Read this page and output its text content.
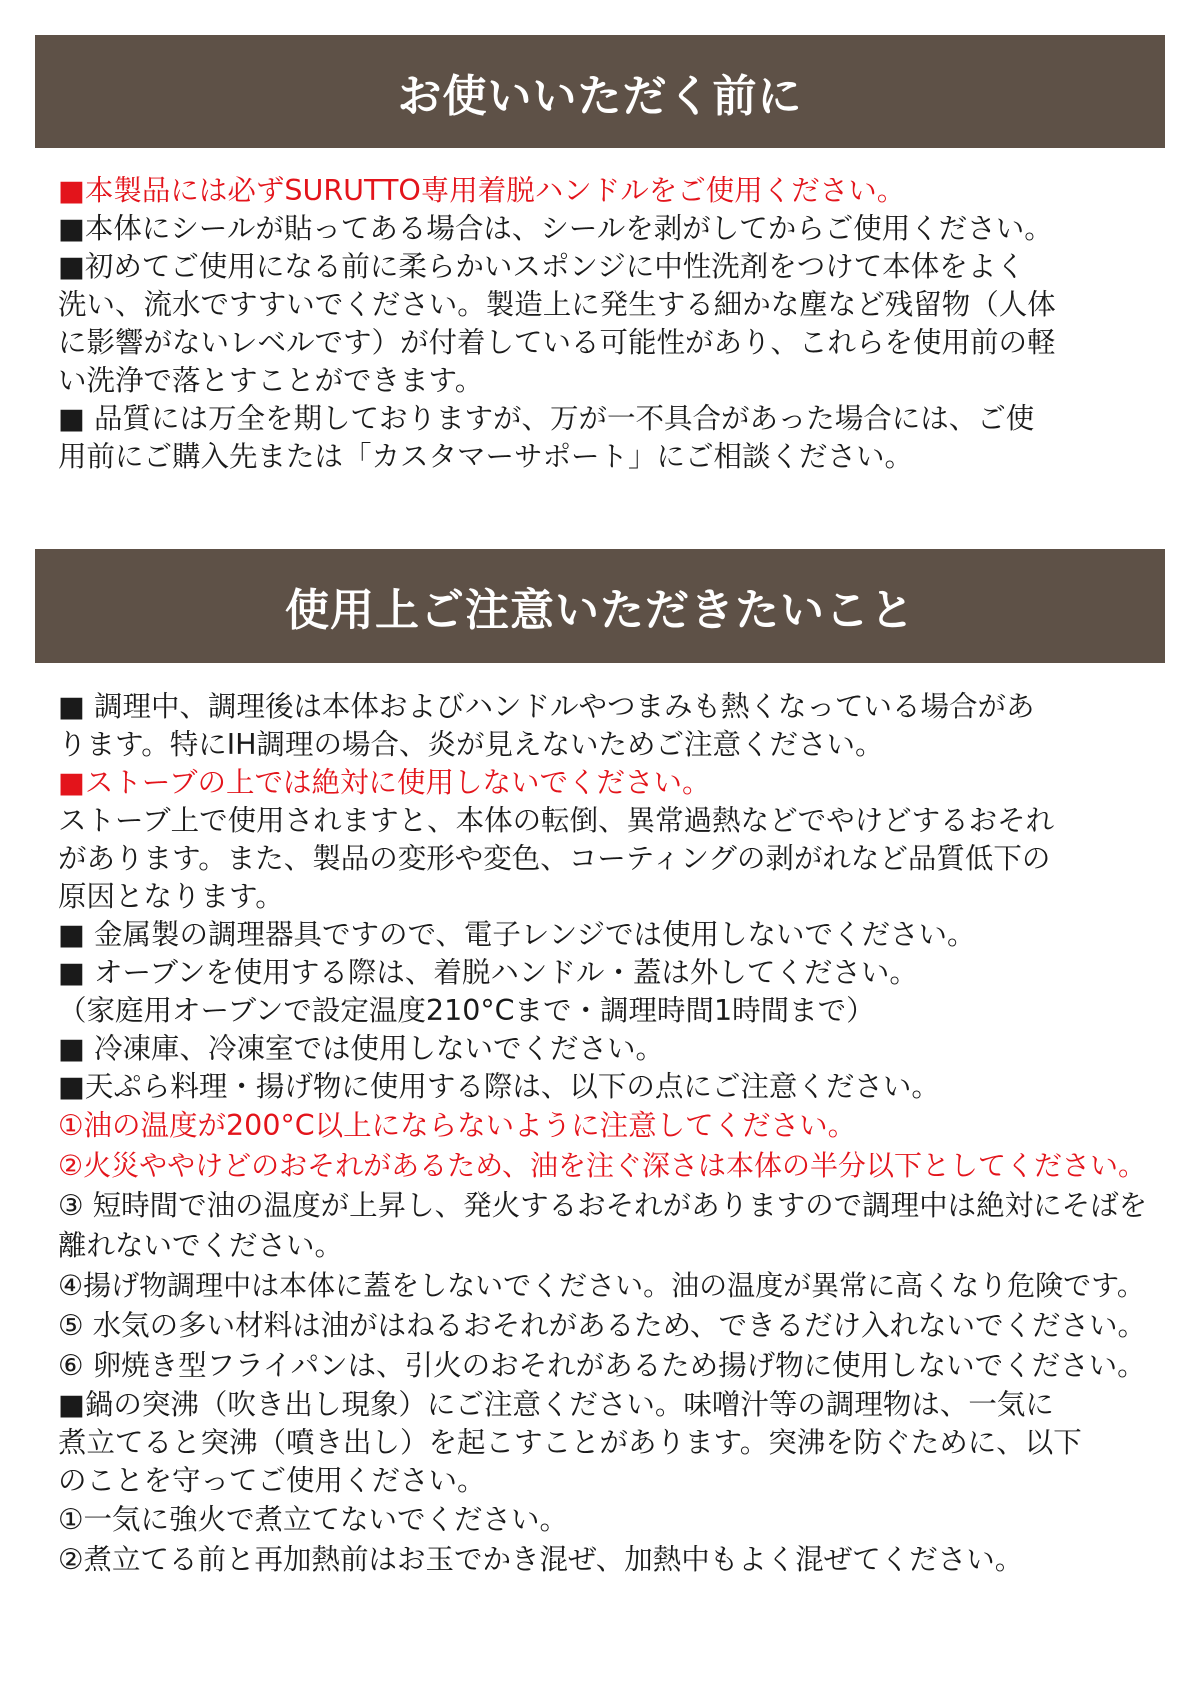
お使いいただく前に

■本製品には必ずSURUTTO専用着脱ハンドルをご使用ください。

■本体にシールが貼ってある場合は、シールを剥がしてからご使用ください。

■初めてご使用になる前に柔らかいスポンジに中性洗剤をつけて本体をよく

洗い、流水ですすいでください。製造上に発生する細かな塵など残留物（人体

に影響がないレベルです）が付着している可能性があり、これらを使用前の軽

い洗浄で落とすことができます。

■ 品質には万全を期しておりますが、万が一不具合があった場合には、ご使

用前にご購入先または「カスタマーサポート」にご相談ください。

使用上ご注意いただきたいこと

■ 調理中、調理後は本体およびハンドルやつまみも熱くなっている場合があ

ります。特にIH調理の場合、炎が見えないためご注意ください。

■ストーブの上では絶対に使用しないでください。

ストーブ上で使用されますと、本体の転倒、異常過熱などでやけどするおそれ

があります。また、製品の変形や変色、コーティングの剥がれなど品質低下の

原因となります。

■ 金属製の調理器具ですので、電子レンジでは使用しないでください。

■ オーブンを使用する際は、着脱ハンドル・蓋は外してください。

（家庭用オーブンで設定温度210°Cまで・調理時間1時間まで）

■ 冷凍庫、冷凍室では使用しないでください。

■天ぷら料理・揚げ物に使用する際は、以下の点にご注意ください。

①油の温度が200°C以上にならないように注意してください。

②火災ややけどのおそれがあるため、油を注ぐ深さは本体の半分以下としてください。

③ 短時間で油の温度が上昇し、発火するおそれがありますので調理中は絶対にそばを

離れないでください。

④揚げ物調理中は本体に蓋をしないでください。油の温度が異常に高くなり危険です。

⑤ 水気の多い材料は油がはねるおそれがあるため、できるだけ入れないでください。

⑥ 卵焼き型フライパンは、引火のおそれがあるため揚げ物に使用しないでください。

■鍋の突沸（吹き出し現象）にご注意ください。味噌汁等の調理物は、一気に

煮立てると突沸（噴き出し）を起こすことがあります。突沸を防ぐために、以下

のことを守ってご使用ください。

①一気に強火で煮立てないでください。

②煮立てる前と再加熱前はお玉でかき混ぜ、加熱中もよく混ぜてください。
